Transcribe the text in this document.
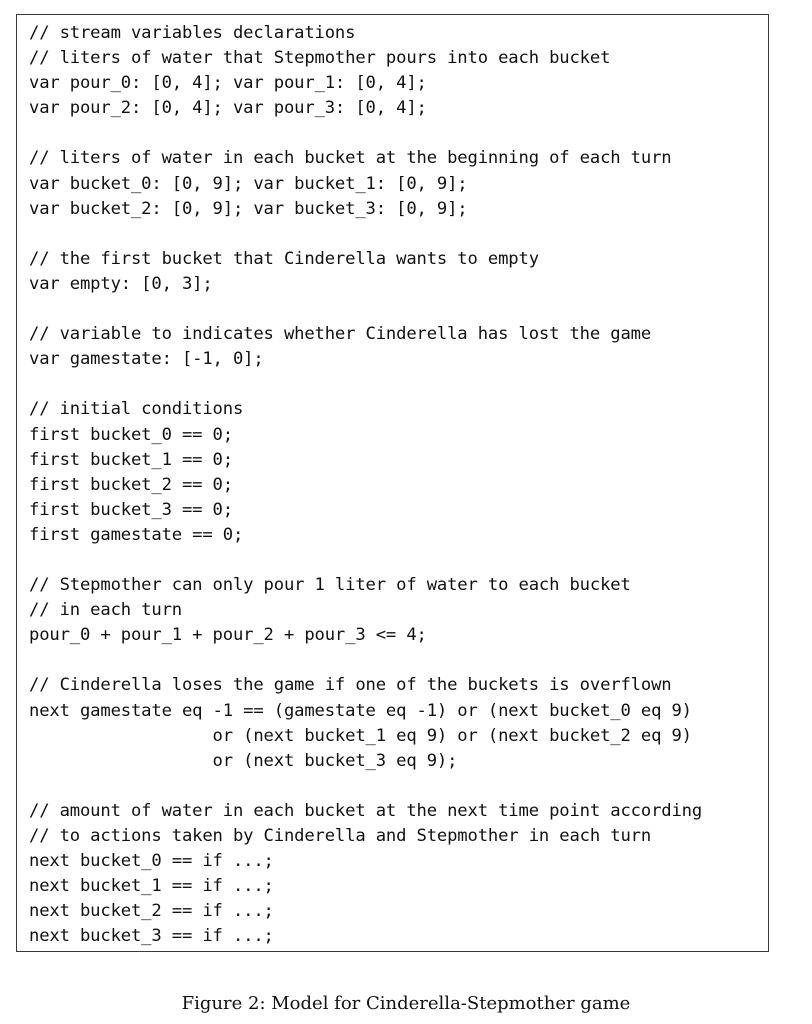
// stream variables declarations
// liters of water that Stepmother pours into each bucket
var pour_0: [0, 4]; var pour_1: [0, 4];
var pour_2: [0, 4]; var pour_3: [0, 4];
// liters of water in each bucket at the beginning of each turn
var bucket_0: [0, 9]; var bucket_1: [0, 9];
var bucket_2: [0, 9]; var bucket_3: [0, 9];
// the first bucket that Cinderella wants to empty
var empty: [0, 3];
// variable to indicates whether Cinderella has lost the game
var gamestate: [-1, 0];
// initial conditions
first bucket_0 == 0;
first bucket_1 == 0;
first bucket_2 == 0;
first bucket_3 == 0;
first gamestate == 0;
// Stepmother can only pour 1 liter of water to each bucket
// in each turn
pour_0 + pour_1 + pour_2 + pour_3 <= 4;
// Cinderella loses the game if one of the buckets is overflown
next gamestate eq -1 == (gamestate eq -1) or (next bucket_0 eq 9)
or (next bucket_1 eq 9) or (next bucket_2 eq 9)
or (next bucket_3 eq 9);
// amount of water in each bucket at the next time point according
// to actions taken by Cinderella and Stepmother in each turn
next bucket_0 == if ...;
next bucket_1 == if ...;
next bucket_2 == if ...;
next bucket_3 == if ...;
Figure 2: Model for Cinderella-Stepmother game
